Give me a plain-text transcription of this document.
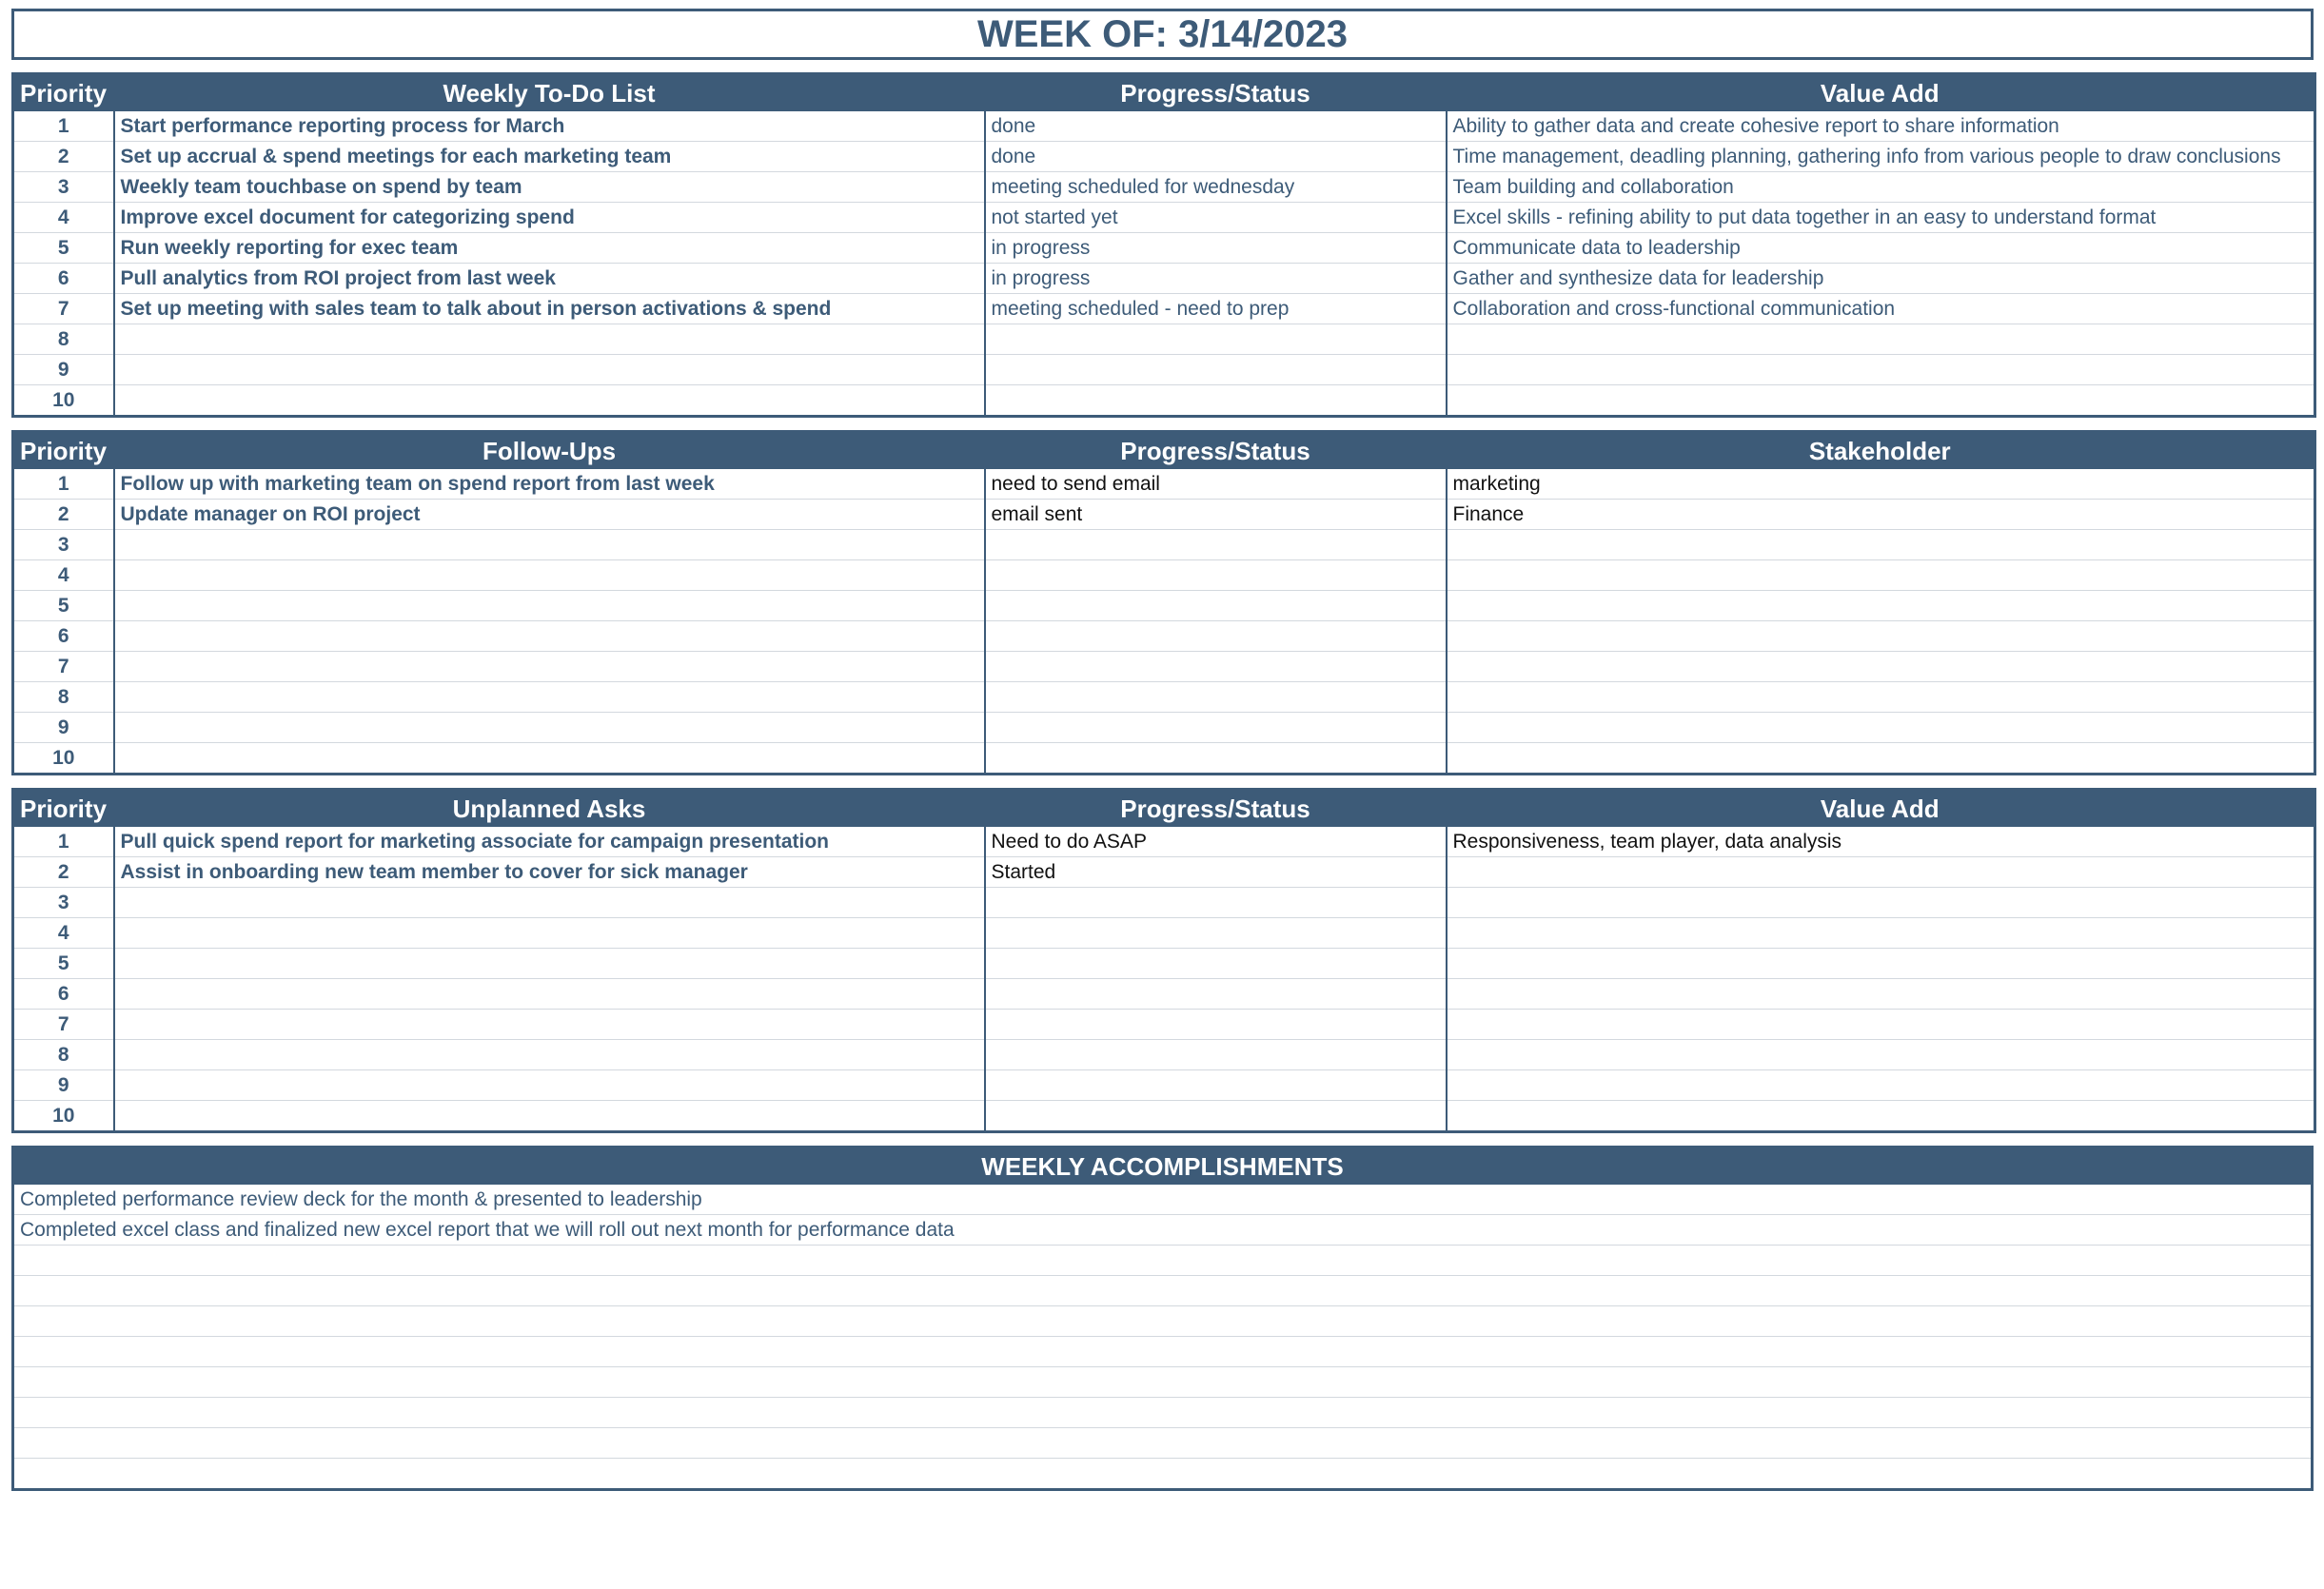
WEEK OF: 3/14/2023
Priority	Weekly To-Do List	Progress/Status	Value Add
1	Start performance reporting process for March	done	Ability to gather data and create cohesive report to share information
2	Set up accrual & spend meetings for each marketing team	done	Time management, deadling planning, gathering info from various people to draw conclusions
3	Weekly team touchbase on spend by team	meeting scheduled for wednesday	Team building and collaboration
4	Improve excel document for categorizing spend	not started yet	Excel skills - refining ability to put data together in an easy to understand format
5	Run weekly reporting for exec team	in progress	Communicate data to leadership
6	Pull analytics from ROI project from last week	in progress	Gather and synthesize data for leadership
7	Set up meeting with sales team to talk about in person activations & spend	meeting scheduled - need to prep	Collaboration and cross-functional communication
8			
9			
10			
Priority	Follow-Ups	Progress/Status	Stakeholder
1	Follow up with marketing team on spend report from last week	need to send email	marketing
2	Update manager on ROI project	email sent	Finance
3			
4			
5			
6			
7			
8			
9			
10			
Priority	Unplanned Asks	Progress/Status	Value Add
1	Pull quick spend report for marketing associate for campaign presentation	Need to do ASAP	Responsiveness, team player, data analysis
2	Assist in onboarding new team member to cover for sick manager	Started	
3			
4			
5			
6			
7			
8			
9			
10			
WEEKLY ACCOMPLISHMENTS
Completed performance review deck for the month & presented to leadership
Completed excel class and finalized new excel report that we will roll out next month for performance data
